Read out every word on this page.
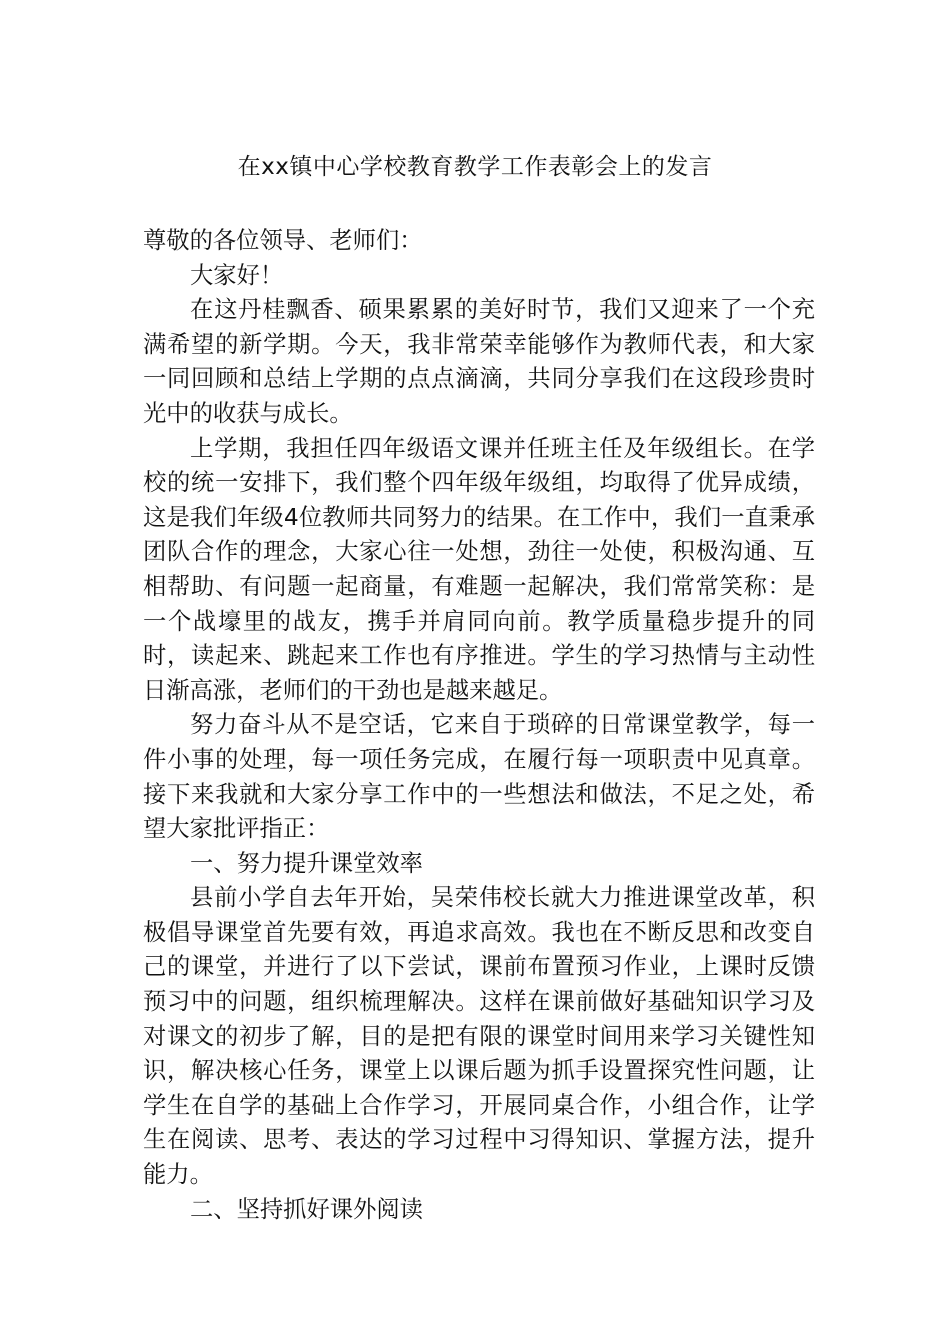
在xx镇中心学校教育教学工作表彰会上的发言

尊敬的各位领导、老师们：

大家好！

在这丹桂飘香、硕果累累的美好时节，我们又迎来了一个充满希望的新学期。今天，我非常荣幸能够作为教师代表，和大家一同回顾和总结上学期的点点滴滴，共同分享我们在这段珍贵时光中的收获与成长。

上学期，我担任四年级语文课并任班主任及年级组长。在学校的统一安排下，我们整个四年级年级组，均取得了优异成绩，这是我们年级4位教师共同努力的结果。在工作中，我们一直秉承团队合作的理念，大家心往一处想，劲往一处使，积极沟通、互相帮助、有问题一起商量，有难题一起解决，我们常常笑称：是一个战壕里的战友，携手并肩同向前。教学质量稳步提升的同时，读起来、跳起来工作也有序推进。学生的学习热情与主动性日渐高涨，老师们的干劲也是越来越足。

努力奋斗从不是空话，它来自于琐碎的日常课堂教学，每一件小事的处理，每一项任务完成，在履行每一项职责中见真章。接下来我就和大家分享工作中的一些想法和做法，不足之处，希望大家批评指正：

一、努力提升课堂效率

县前小学自去年开始，吴荣伟校长就大力推进课堂改革，积极倡导课堂首先要有效，再追求高效。我也在不断反思和改变自己的课堂，并进行了以下尝试，课前布置预习作业，上课时反馈预习中的问题，组织梳理解决。这样在课前做好基础知识学习及对课文的初步了解，目的是把有限的课堂时间用来学习关键性知识，解决核心任务，课堂上以课后题为抓手设置探究性问题，让学生在自学的基础上合作学习，开展同桌合作，小组合作，让学生在阅读、思考、表达的学习过程中习得知识、掌握方法，提升能力。

二、坚持抓好课外阅读
